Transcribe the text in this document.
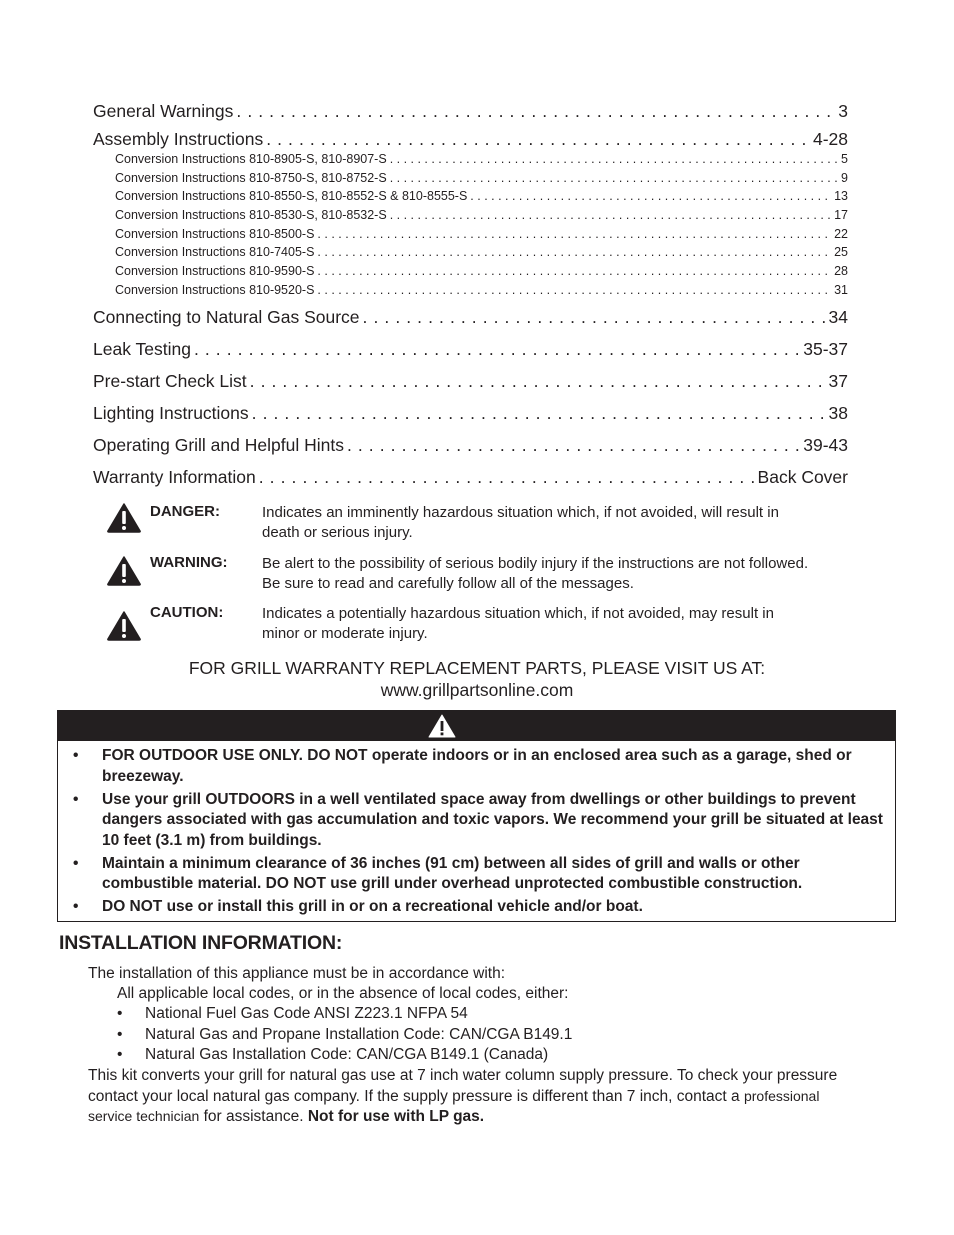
General Warnings . . .	3
Assembly Instructions . . .	4-28
Conversion Instructions 810-8905-S, 810-8907-S . . .	5
Conversion Instructions 810-8750-S, 810-8752-S . . .	9
Conversion Instructions 810-8550-S, 810-8552-S & 810-8555-S . . .	13
Conversion Instructions 810-8530-S, 810-8532-S . . .	17
Conversion Instructions 810-8500-S . . .	22
Conversion Instructions 810-7405-S . . .	25
Conversion Instructions 810-9590-S . . .	28
Conversion Instructions 810-9520-S . . .	31
Connecting to Natural Gas Source . . .	34
Leak Testing . . .	35-37
Pre-start Check List . . .	37
Lighting Instructions . . .	38
Operating Grill and Helpful Hints . . .	39-43
Warranty Information . . .	Back Cover
DANGER:	Indicates an imminently hazardous situation which, if not avoided, will result in
death or serious injury.
WARNING:	Be alert to the possibility of serious bodily injury if the instructions are not followed.
Be sure to read and carefully follow all of the messages.
CAUTION:	Indicates a potentially hazardous situation which, if not avoided, may result in
minor or moderate injury.
FOR GRILL WARRANTY REPLACEMENT PARTS, PLEASE VISIT US AT:
www.grillpartsonline.com
• FOR OUTDOOR USE ONLY. DO NOT operate indoors or in an enclosed area such as a garage, shed or breezeway.
• Use your grill OUTDOORS in a well ventilated space away from dwellings or other buildings to prevent dangers associated with gas accumulation and toxic vapors. We recommend your grill be situated at least 10 feet (3.1 m) from buildings.
• Maintain a minimum clearance of 36 inches (91 cm) between all sides of grill and walls or other combustible material. DO NOT use grill under overhead unprotected combustible construction.
• DO NOT use or install this grill in or on a recreational vehicle and/or boat.
INSTALLATION INFORMATION:
The installation of this appliance must be in accordance with:
All applicable local codes, or in the absence of local codes, either:
• National Fuel Gas Code ANSI Z223.1 NFPA 54
• Natural Gas and Propane Installation Code: CAN/CGA B149.1
• Natural Gas Installation Code: CAN/CGA B149.1 (Canada)
This kit converts your grill for natural gas use at 7 inch water column supply pressure. To check your pressure
contact your local natural gas company. If the supply pressure is different than 7 inch, contact a professional
service technician for assistance. Not for use with LP gas.
